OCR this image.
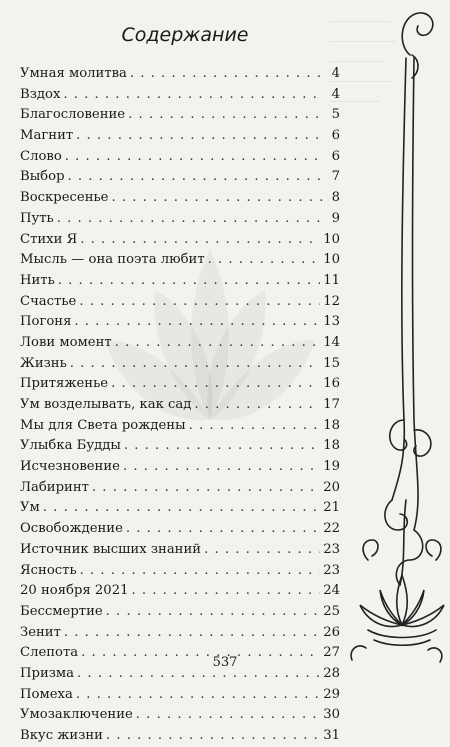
Содержание
Умная молитва . . .	4
Вздох . . .	4
Благословение . . .	5
Магнит . . .	6
Слово . . .	6
Выбор . . .	7
Воскресенье . . .	8
Путь . . .	9
Стихи Я . . .	10
Мысль — она поэта любит . . .	10
Нить . . .	11
Счастье . . .	12
Погоня . . .	13
Лови момент . . .	14
Жизнь . . .	15
Притяженье . . .	16
Ум возделывать, как сад . . .	17
Мы для Света рождены . . .	18
Улыбка Будды . . .	18
Исчезновение . . .	19
Лабиринт . . .	20
Ум . . .	21
Освобождение . . .	22
Источник высших знаний . . .	23
Ясность . . .	23
20 ноября 2021 . . .	24
Бессмертие . . .	25
Зенит . . .	26
Слепота . . .	27
Призма . . .	28
Помеха . . .	29
Умозаключение . . .	30
Вкус жизни . . .	31
537
